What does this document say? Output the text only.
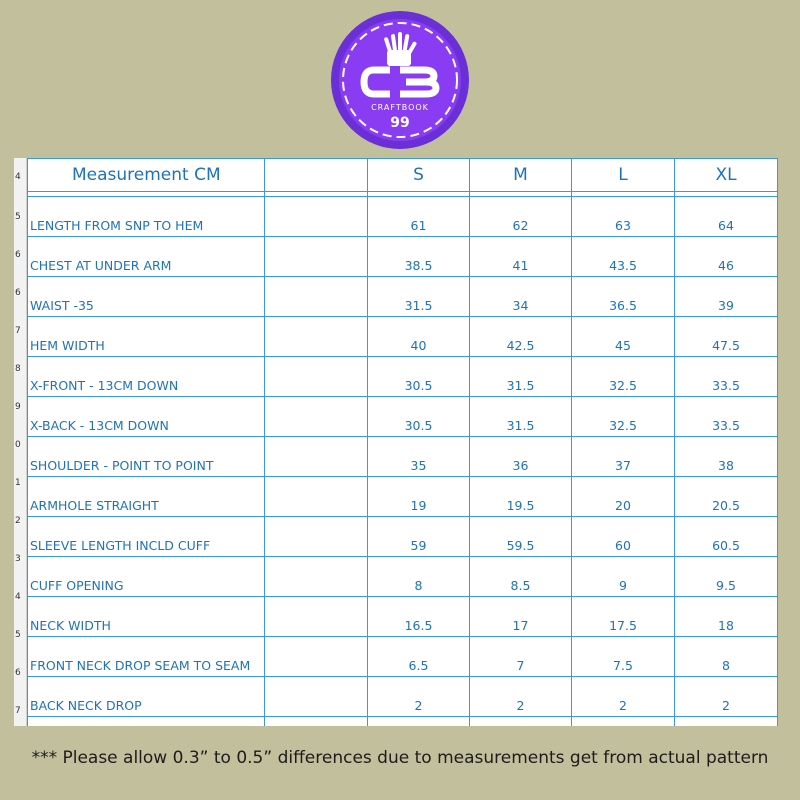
CRAFTBOOK
99
4
5
6
6
7
8
9
0
1
2
3
4
5
6
7
Measurement CM		S	M	L	XL

LENGTH FROM SNP TO HEM		61	62	63	64
CHEST AT UNDER ARM		38.5	41	43.5	46
WAIST -35		31.5	34	36.5	39
HEM WIDTH		40	42.5	45	47.5
X-FRONT - 13CM DOWN		30.5	31.5	32.5	33.5
X-BACK - 13CM DOWN		30.5	31.5	32.5	33.5
SHOULDER - POINT TO POINT		35	36	37	38
ARMHOLE STRAIGHT		19	19.5	20	20.5
SLEEVE LENGTH INCLD CUFF		59	59.5	60	60.5
CUFF OPENING		8	8.5	9	9.5
NECK WIDTH		16.5	17	17.5	18
FRONT NECK DROP SEAM TO SEAM		6.5	7	7.5	8
BACK NECK DROP		2	2	2	2

*** Please allow 0.3” to 0.5” differences due to measurements get from actual pattern
